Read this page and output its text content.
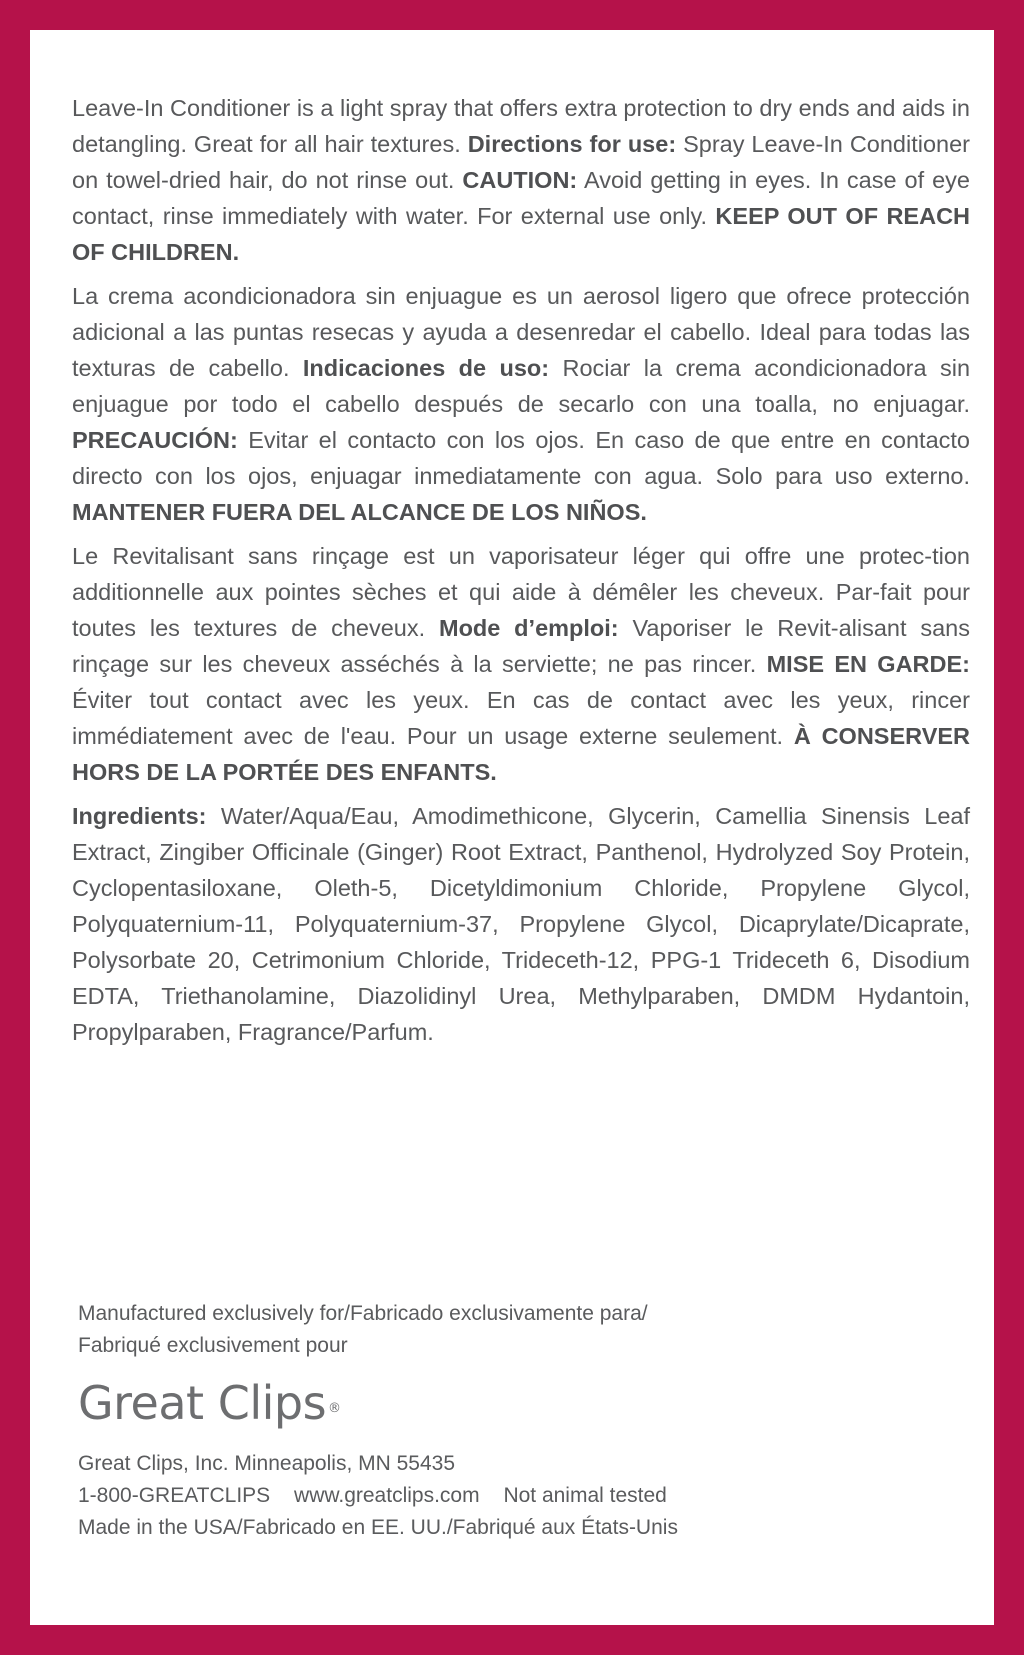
Leave-In Conditioner is a light spray that offers extra protection to dry ends and aids in detangling. Great for all hair textures. Directions for use: Spray Leave-In Conditioner on towel-dried hair, do not rinse out. CAUTION: Avoid getting in eyes. In case of eye contact, rinse immediately with water. For external use only. KEEP OUT OF REACH OF CHILDREN.

La crema acondicionadora sin enjuague es un aerosol ligero que ofrece protección adicional a las puntas resecas y ayuda a desenredar el cabello. Ideal para todas las texturas de cabello. Indicaciones de uso: Rociar la crema acondicionadora sin enjuague por todo el cabello después de secarlo con una toalla, no enjuagar. PRECAUCIÓN: Evitar el contacto con los ojos. En caso de que entre en contacto directo con los ojos, enjuagar inmediatamente con agua. Solo para uso externo. MANTENER FUERA DEL ALCANCE DE LOS NIÑOS.

Le Revitalisant sans rinçage est un vaporisateur léger qui offre une protec-tion additionnelle aux pointes sèches et qui aide à démêler les cheveux. Par-fait pour toutes les textures de cheveux. Mode d’emploi: Vaporiser le Revit-alisant sans rinçage sur les cheveux asséchés à la serviette; ne pas rincer. MISE EN GARDE: Éviter tout contact avec les yeux. En cas de contact avec les yeux, rincer immédiatement avec de l'eau. Pour un usage externe seulement. À CONSERVER HORS DE LA PORTÉE DES ENFANTS.

Ingredients: Water/Aqua/Eau, Amodimethicone, Glycerin, Camellia Sinensis Leaf Extract, Zingiber Officinale (Ginger) Root Extract, Panthenol, Hydrolyzed Soy Protein, Cyclopentasiloxane, Oleth-5, Dicetyldimonium Chloride, Propylene Glycol, Polyquaternium-11, Polyquaternium-37, Propylene Glycol, Dicaprylate/Dicaprate, Polysorbate 20, Cetrimonium Chloride, Trideceth-12, PPG-1 Trideceth 6, Disodium EDTA, Triethanolamine, Diazolidinyl Urea, Methylparaben, DMDM Hydantoin, Propylparaben, Fragrance/Parfum.

Manufactured exclusively for/Fabricado exclusivamente para/
Fabriqué exclusivement pour
Great Clips ®
Great Clips, Inc. Minneapolis, MN 55435
1-800-GREATCLIPS www.greatclips.com Not animal tested
Made in the USA/Fabricado en EE. UU./Fabriqué aux États-Unis
